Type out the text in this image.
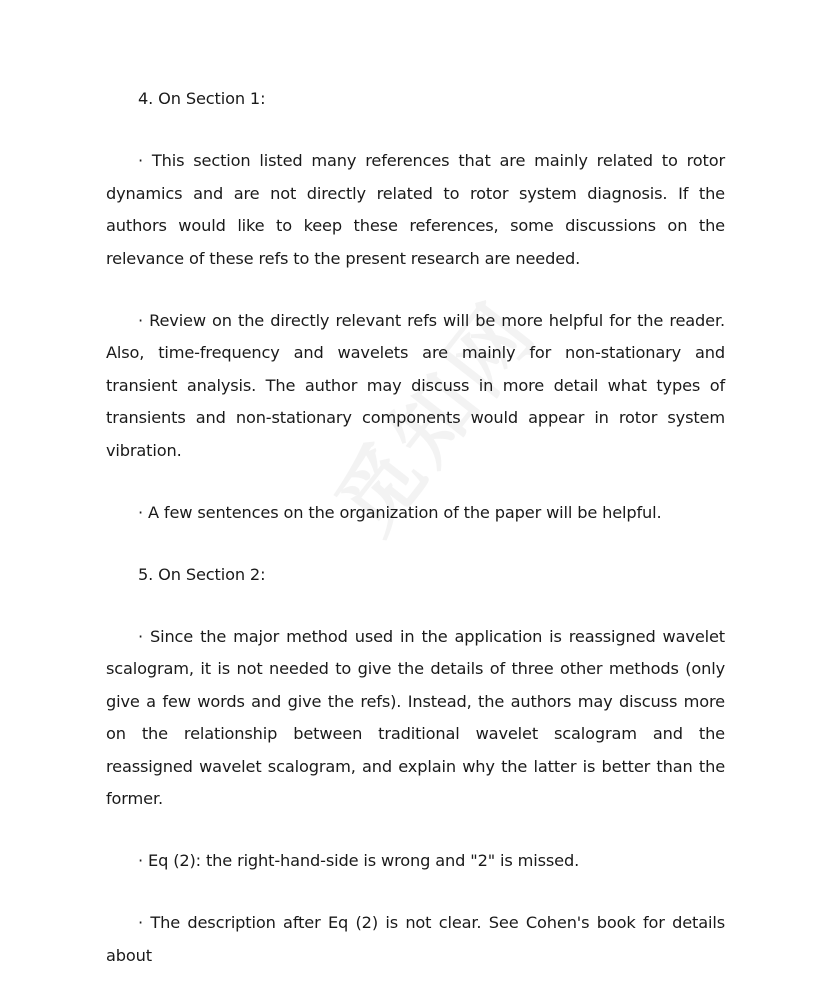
4. On Section 1:

· This section listed many references that are mainly related to rotor dynamics and are not directly related to rotor system diagnosis. If the authors would like to keep these references, some discussions on the relevance of these refs to the present research are needed.

· Review on the directly relevant refs will be more helpful for the reader. Also, time-frequency and wavelets are mainly for non-stationary and transient analysis. The author may discuss in more detail what types of transients and non-stationary components would appear in rotor system vibration.

· A few sentences on the organization of the paper will be helpful.

5. On Section 2:

· Since the major method used in the application is reassigned wavelet scalogram, it is not needed to give the details of three other methods (only give a few words and give the refs). Instead, the authors may discuss more on the relationship between traditional wavelet scalogram and the reassigned wavelet scalogram, and explain why the latter is better than the former.

· Eq (2): the right-hand-side is wrong and "2" is missed.

· The description after Eq (2) is not clear. See Cohen's book for details about
